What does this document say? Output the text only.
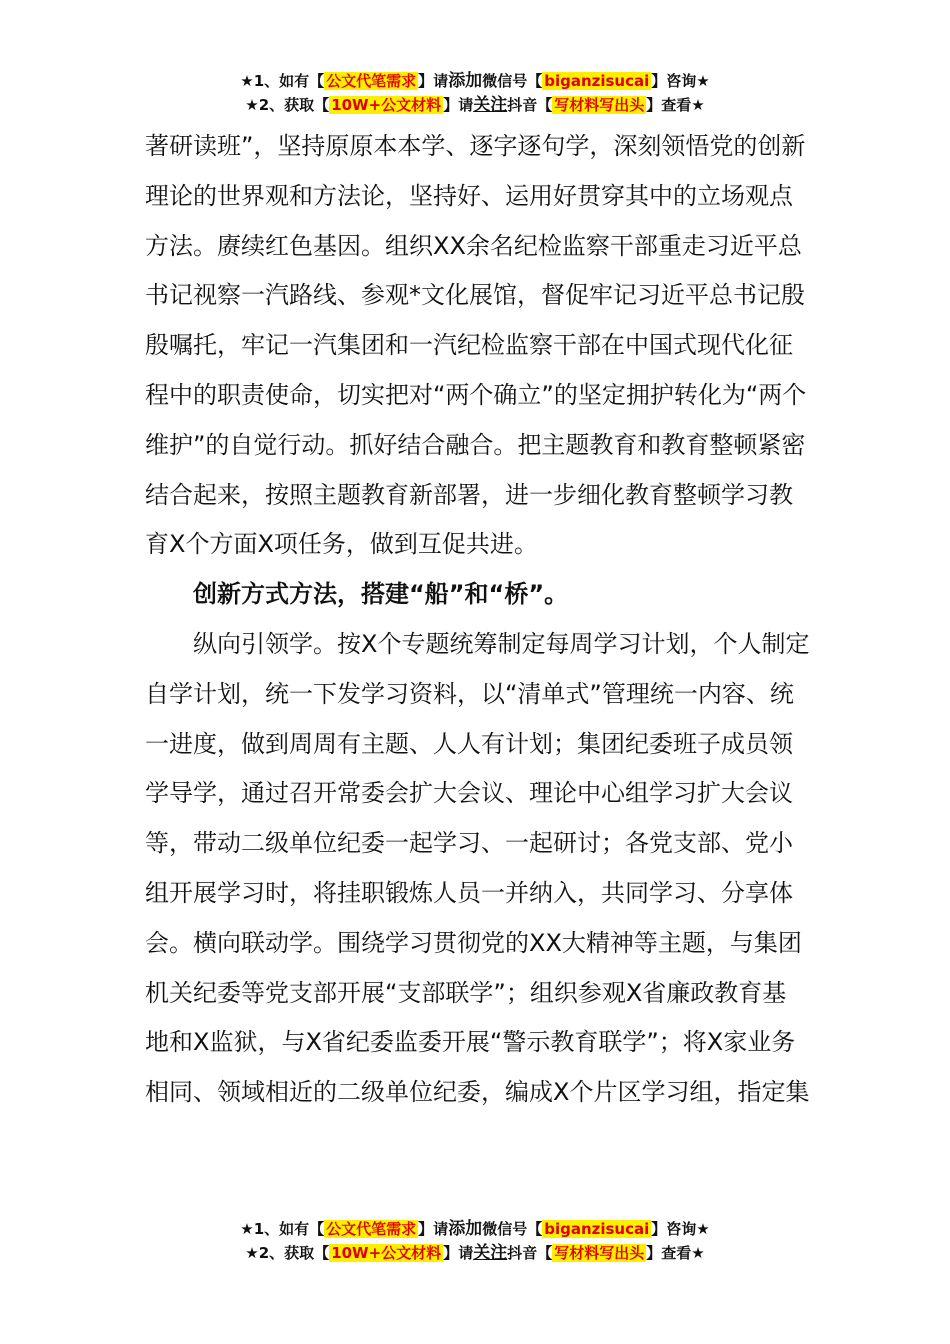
★1、如有【 公文代笔需求 】请添加微信号【 biganzisucai 】咨询★
★2、获取【 10W+公文材料 】请关注抖音【 写材料写出头 】查看★

著研读班”，坚持原原本本学、逐字逐句学，深刻领悟党的创新理论的世界观和方法论，坚持好、运用好贯穿其中的立场观点方法。赓续红色基因。组织XX余名纪检监察干部重走习近平总书记视察一汽路线、参观*文化展馆，督促牢记习近平总书记殷殷嘱托，牢记一汽集团和一汽纪检监察干部在中国式现代化征程中的职责使命，切实把对“两个确立”的坚定拥护转化为“两个维护”的自觉行动。抓好结合融合。把主题教育和教育整顿紧密结合起来，按照主题教育新部署，进一步细化教育整顿学习教育X个方面X项任务，做到互促共进。

创新方式方法，搭建“船”和“桥”。

纵向引领学。按X个专题统筹制定每周学习计划，个人制定自学计划，统一下发学习资料，以“清单式”管理统一内容、统一进度，做到周周有主题、人人有计划；集团纪委班子成员领学导学，通过召开常委会扩大会议、理论中心组学习扩大会议等，带动二级单位纪委一起学习、一起研讨；各党支部、党小组开展学习时，将挂职锻炼人员一并纳入，共同学习、分享体会。横向联动学。围绕学习贯彻党的XX大精神等主题，与集团机关纪委等党支部开展“支部联学”；组织参观X省廉政教育基地和X监狱，与X省纪委监委开展“警示教育联学”；将X家业务相同、领域相近的二级单位纪委，编成X个片区学习组，指定集

★1、如有【 公文代笔需求 】请添加微信号【 biganzisucai 】咨询★
★2、获取【 10W+公文材料 】请关注抖音【 写材料写出头 】查看★
